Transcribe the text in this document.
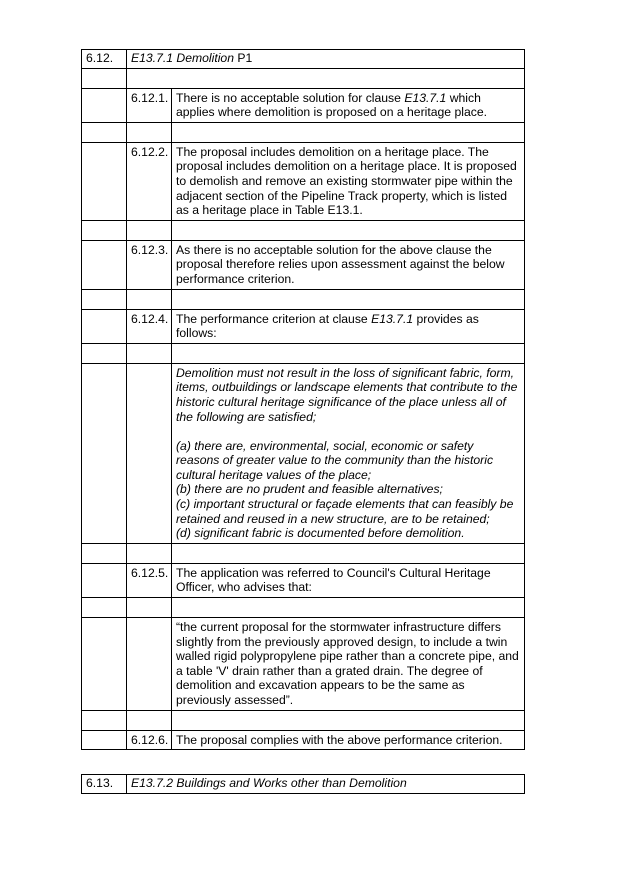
6.12.	E13.7.1 Demolition P1	

	6.12.1.	There is no acceptable solution for clause E13.7.1 which applies where demolition is proposed on a heritage place.

	6.12.2.	The proposal includes demolition on a heritage place. The proposal includes demolition on a heritage place. It is proposed to demolish and remove an existing stormwater pipe within the adjacent section of the Pipeline Track property, which is listed as a heritage place in Table E13.1.

	6.12.3.	As there is no acceptable solution for the above clause the proposal therefore relies upon assessment against the below performance criterion.

	6.12.4.	The performance criterion at clause E13.7.1 provides as follows:

		Demolition must not result in the loss of significant fabric, form, items, outbuildings or landscape elements that contribute to the historic cultural heritage significance of the place unless all of the following are satisfied;
(a) there are, environmental, social, economic or safety reasons of greater value to the community than the historic cultural heritage values of the place;
(b) there are no prudent and feasible alternatives;
(c) important structural or façade elements that can feasibly be retained and reused in a new structure, are to be retained;
(d) significant fabric is documented before demolition.

	6.12.5.	The application was referred to Council's Cultural Heritage Officer, who advises that:

		“the current proposal for the stormwater infrastructure differs slightly from the previously approved design, to include a twin walled rigid polypropylene pipe rather than a concrete pipe, and a table 'V' drain rather than a grated drain. The degree of demolition and excavation appears to be the same as previously assessed”.

	6.12.6.	The proposal complies with the above performance criterion.
6.13.	E13.7.2 Buildings and Works other than Demolition
